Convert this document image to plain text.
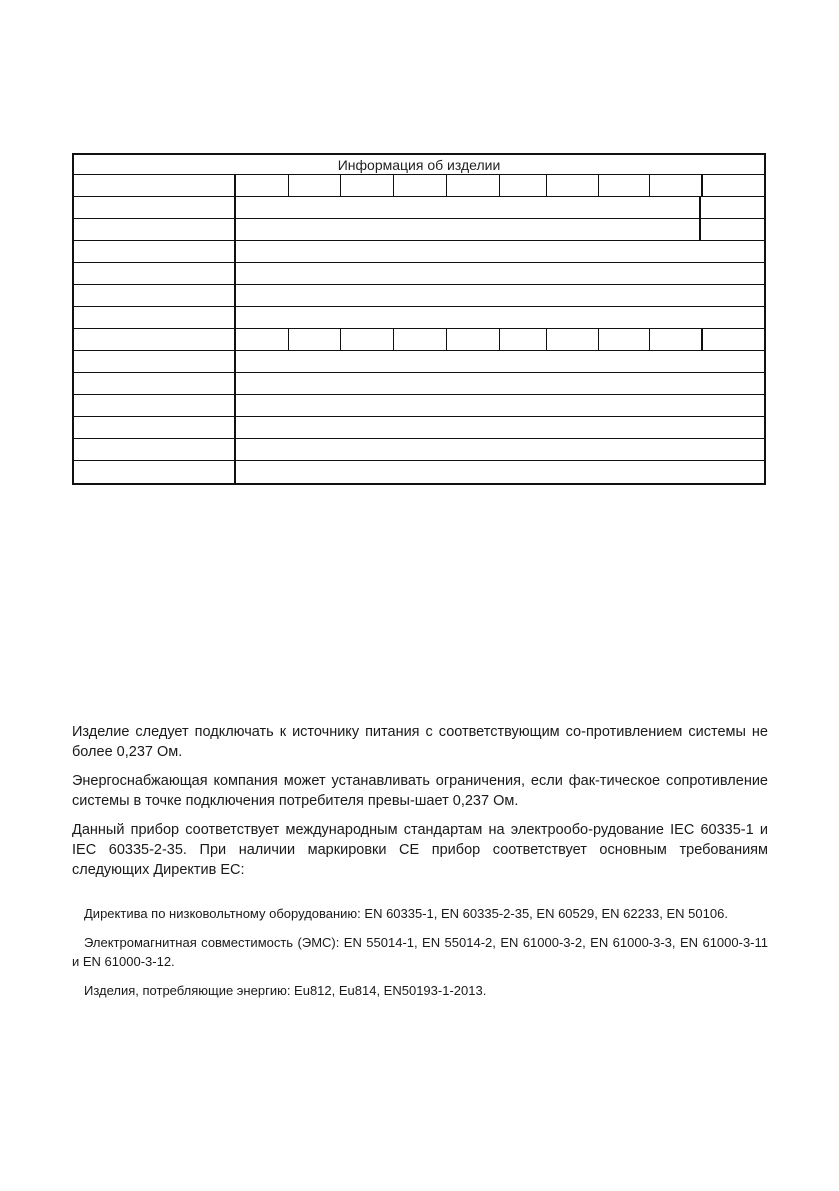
Информация об изделии

Изделие следует подключать к источнику питания с соответствующим со-противлением системы не более 0,237 Ом.

Энергоснабжающая компания может устанавливать ограничения, если фак-тическое сопротивление системы в точке подключения потребителя превы-шает 0,237 Ом.

Данный прибор соответствует международным стандартам на электрообо-рудование IEC 60335-1 и IEC 60335-2-35. При наличии маркировки CE прибор соответствует основным требованиям следующих Директив ЕС:

Директива по низковольтному оборудованию: EN 60335-1, EN 60335-2-35, EN 60529, EN 62233, EN 50106.

Электромагнитная совместимость (ЭМС): EN 55014-1, EN 55014-2, EN 61000-3-2, EN 61000-3-3, EN 61000-3-11 и EN 61000-3-12.

Изделия, потребляющие энергию: Eu812, Eu814, EN50193-1-2013.
